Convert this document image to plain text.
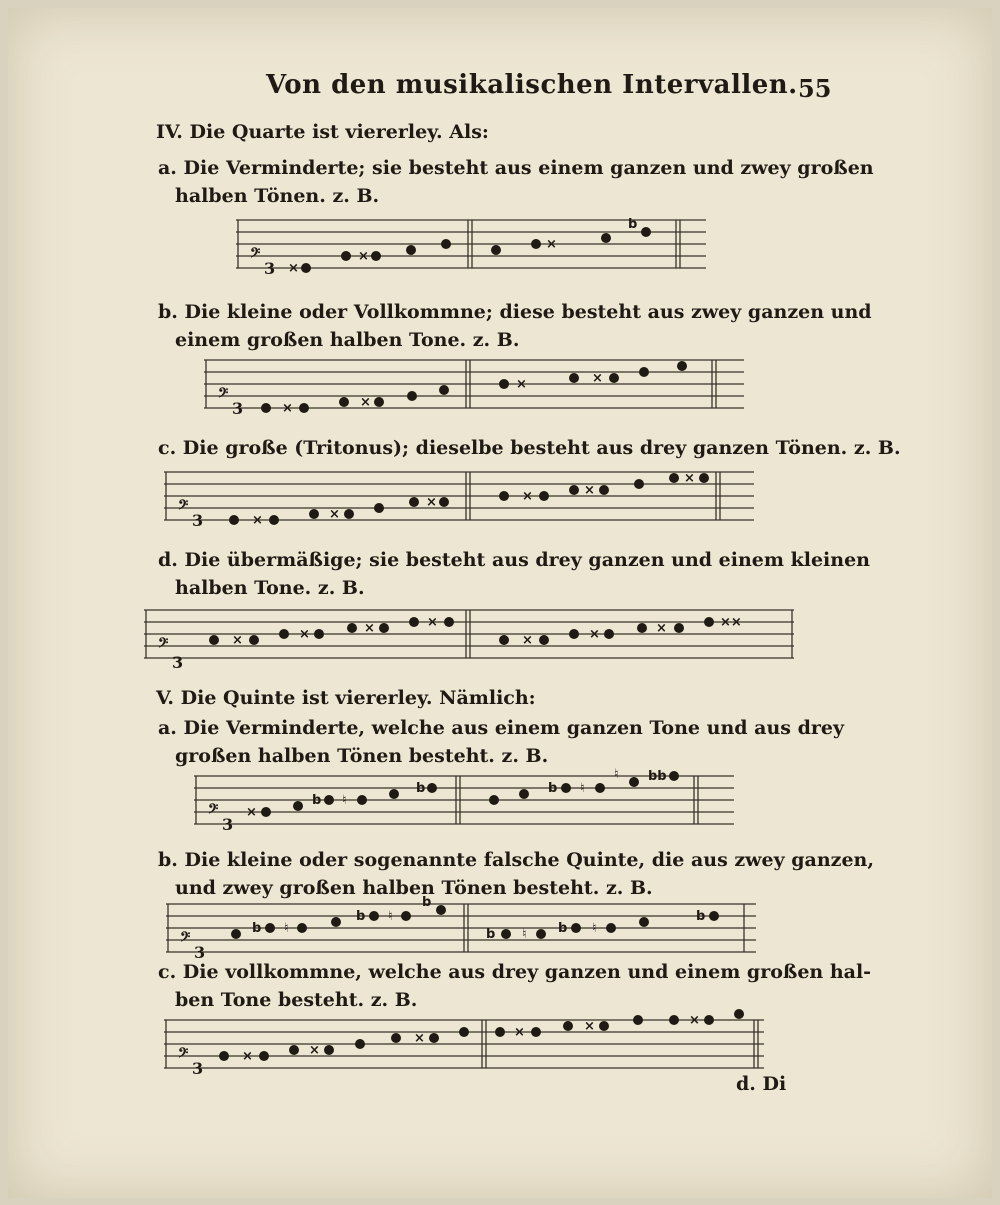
Von den musikalischen Intervallen. 55
IV. Die Quarte ist viererley. Als:
a. Die Verminderte; sie besteht aus einem ganzen und zwey großen
halben Tönen. z. B.
𝄢
3 ×
×
×
b
b. Die kleine oder Vollkommne; diese besteht aus zwey ganzen und
einem großen halben Tone. z. B.
𝄢
3	×	×
×	×
c. Die große (Tritonus); dieselbe besteht aus drey ganzen Tönen. z. B.
𝄢
3	×	×
×	×	×
×
d. Die übermäßige; sie besteht aus drey ganzen und einem kleinen
halben Tone. z. B.
𝄢
3
×	×	×	×
×	×	×	××
V. Die Quinte ist viererley. Nämlich:
a. Die Verminderte, welche aus einem ganzen Tone und aus drey
großen halben Tönen besteht. z. B.
𝄢
3
×
b ♮
b	b ♮
♮ bb
b. Die kleine oder sogenannte falsche Quinte, die aus zwey ganzen,
und zwey großen halben Tönen besteht. z. B.
𝄢
3
b ♮
b ♮
b
b ♮ b ♮
b
c. Die vollkommne, welche aus drey ganzen und einem großen hal-
ben Tone besteht. z. B.
𝄢
3
×	×
×	×	×	×
d. Di
